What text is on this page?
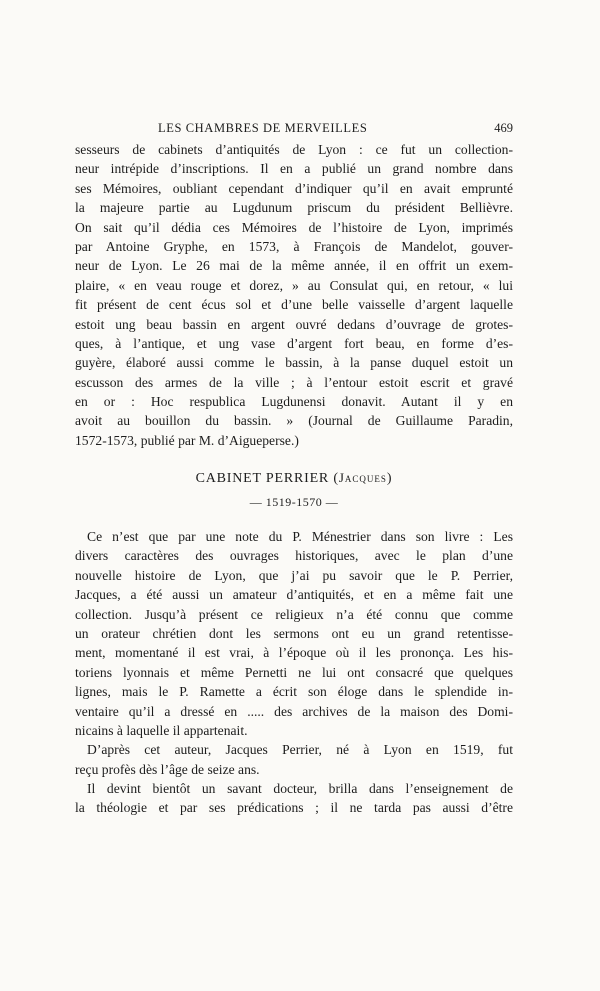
LES CHAMBRES DE MERVEILLES	469
sesseurs de cabinets d’antiquités de Lyon : ce fut un collection-
neur intrépide d’inscriptions. Il en a publié un grand nombre dans
ses Mémoires, oubliant cependant d’indiquer qu’il en avait emprunté
la majeure partie au Lugdunum priscum du président Bellièvre.
On sait qu’il dédia ces Mémoires de l’histoire de Lyon, imprimés
par Antoine Gryphe, en 1573, à François de Mandelot, gouver-
neur de Lyon. Le 26 mai de la même année, il en offrit un exem-
plaire, « en veau rouge et dorez, » au Consulat qui, en retour, « lui
fit présent de cent écus sol et d’une belle vaisselle d’argent laquelle
estoit ung beau bassin en argent ouvré dedans d’ouvrage de grotes-
ques, à l’antique, et ung vase d’argent fort beau, en forme d’es-
guyère, élaboré aussi comme le bassin, à la panse duquel estoit un
escusson des armes de la ville ; à l’entour estoit escrit et gravé
en or : Hoc respublica Lugdunensi donavit. Autant il y en
avoit au bouillon du bassin. » (Journal de Guillaume Paradin,
1572-1573, publié par M. d’Aigueperse.)
CABINET PERRIER (Jacques)
— 1519-1570 —
Ce n’est que par une note du P. Ménestrier dans son livre : Les
divers caractères des ouvrages historiques, avec le plan d’une
nouvelle histoire de Lyon, que j’ai pu savoir que le P. Perrier,
Jacques, a été aussi un amateur d’antiquités, et en a même fait une
collection. Jusqu’à présent ce religieux n’a été connu que comme
un orateur chrétien dont les sermons ont eu un grand retentisse-
ment, momentané il est vrai, à l’époque où il les prononça. Les his-
toriens lyonnais et même Pernetti ne lui ont consacré que quelques
lignes, mais le P. Ramette a écrit son éloge dans le splendide in-
ventaire qu’il a dressé en ..... des archives de la maison des Domi-
nicains à laquelle il appartenait.
D’après cet auteur, Jacques Perrier, né à Lyon en 1519, fut
reçu profès dès l’âge de seize ans.
Il devint bientôt un savant docteur, brilla dans l’enseignement de
la théologie et par ses prédications ; il ne tarda pas aussi d’être
